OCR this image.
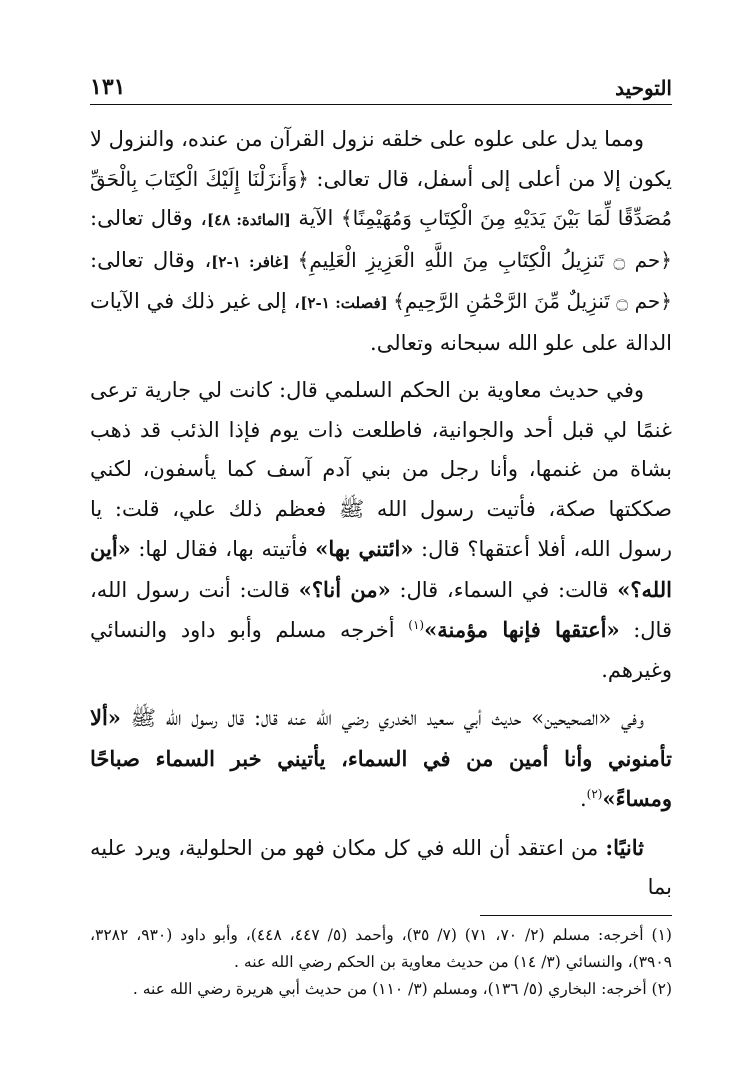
التوحيد
١٣١

ومما يدل على علوه على خلقه نزول القرآن من عنده، والنزول لا يكون إلا من أعلى إلى أسفل، قال تعالى: ﴿وَأَنزَلْنَا إِلَيْكَ الْكِتَابَ بِالْحَقِّ مُصَدِّقًا لِّمَا بَيْنَ يَدَيْهِ مِنَ الْكِتَابِ وَمُهَيْمِنًا﴾ الآية [المائدة: ٤٨]، وقال تعالى: ﴿حم ۝ تَنزِيلُ الْكِتَابِ مِنَ اللَّهِ الْعَزِيزِ الْعَلِيمِ﴾ [غافر: ١-٢]، وقال تعالى: ﴿حم ۝ تَنزِيلٌ مِّنَ الرَّحْمَٰنِ الرَّحِيمِ﴾ [فصلت: ١-٢]، إلى غير ذلك في الآيات الدالة على علو الله سبحانه وتعالى.

وفي حديث معاوية بن الحكم السلمي قال: كانت لي جارية ترعى غنمًا لي قبل أحد والجوانية، فاطلعت ذات يوم فإذا الذئب قد ذهب بشاة من غنمها، وأنا رجل من بني آدم آسف كما يأسفون، لكني صككتها صكة، فأتيت رسول الله ﷺ فعظم ذلك علي، قلت: يا رسول الله، أفلا أعتقها؟ قال: «ائتني بها» فأتيته بها، فقال لها: «أين الله؟» قالت: في السماء، قال: «من أنا؟» قالت: أنت رسول الله، قال: «أعتقها فإنها مؤمنة»$^{(١)}$ أخرجه مسلم وأبو داود والنسائي وغيرهم.

وفي «الصحيحين» حديث أبي سعيد الخدري رضي الله عنه قال: قال رسول الله ﷺ «ألا تأمنوني وأنا أمين من في السماء، يأتيني خبر السماء صباحًا ومساءً»$^{(٢)}$.

ثانيًا: من اعتقد أن الله في كل مكان فهو من الحلولية، ويرد عليه بما

(١) أخرجه: مسلم (٢/ ٧٠، ٧١) (٧/ ٣٥)، وأحمد (٥/ ٤٤٧، ٤٤٨)، وأبو داود (٩٣٠، ٣٢٨٢، ٣٩٠٩)، والنسائي (٣/ ١٤) من حديث معاوية بن الحكم رضي الله عنه .
(٢) أخرجه: البخاري (٥/ ١٣٦)، ومسلم (٣/ ١١٠) من حديث أبي هريرة رضي الله عنه .
